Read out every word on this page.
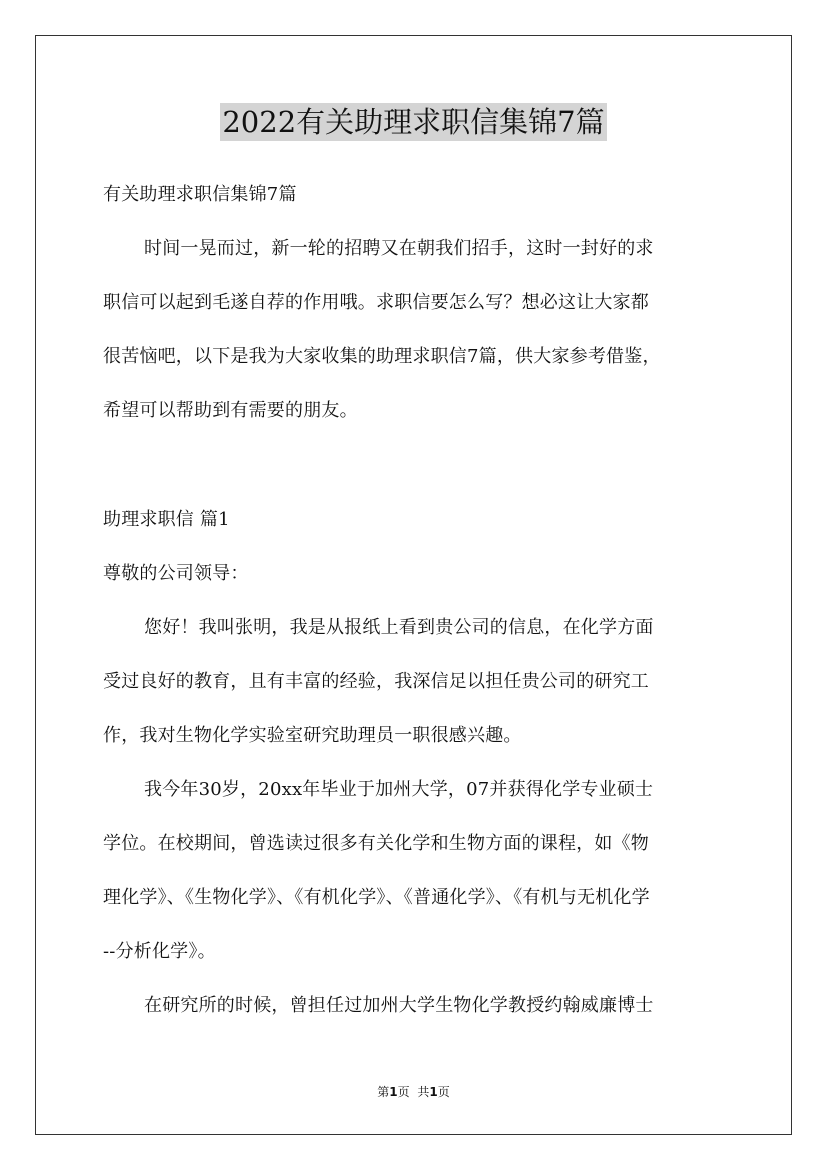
2022有关助理求职信集锦7篇
有关助理求职信集锦7篇
时间一晃而过，新一轮的招聘又在朝我们招手，这时一封好的求
职信可以起到毛遂自荐的作用哦。求职信要怎么写？想必这让大家都
很苦恼吧，以下是我为大家收集的助理求职信7篇，供大家参考借鉴，
希望可以帮助到有需要的朋友。
助理求职信 篇1
尊敬的公司领导：
您好！我叫张明，我是从报纸上看到贵公司的信息，在化学方面
受过良好的教育，且有丰富的经验，我深信足以担任贵公司的研究工
作，我对生物化学实验室研究助理员一职很感兴趣。
我今年30岁，20xx年毕业于加州大学，07并获得化学专业硕士
学位。在校期间，曾选读过很多有关化学和生物方面的课程，如《物
理化学》、《生物化学》、《有机化学》、《普通化学》、《有机与无机化学
--分析化学》。
在研究所的时候，曾担任过加州大学生物化学教授约翰威廉博士
第1页 共1页
